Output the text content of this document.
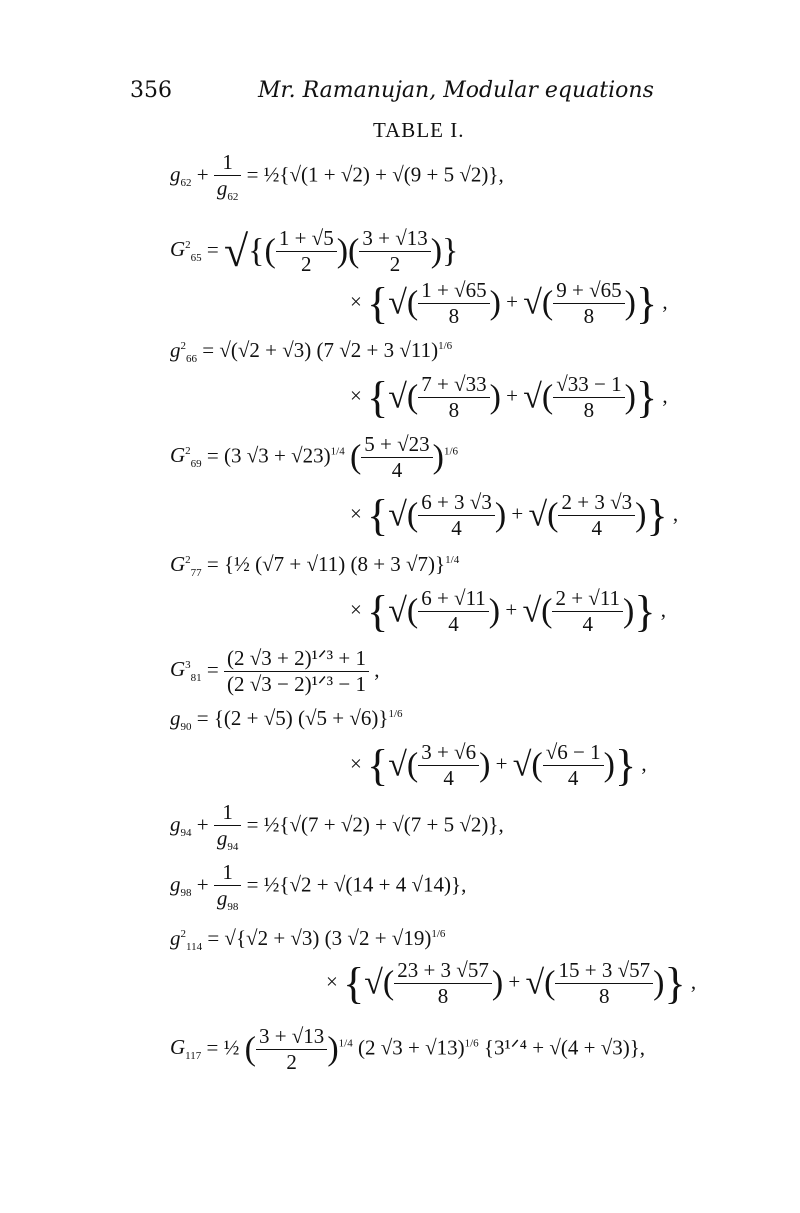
356	Mr. Ramanujan, Modular equations
TABLE I.
$g_{62} + \frac{1}{g_{62}}$ = ½{√(1 + √2) + √(9 + 5 √2)},
$G^2_{65}$ = √{( $\frac{1 + √5}{2}$ )( $\frac{3 + √13}{2}$ )}
× {√( $\frac{1 + √65}{8}$ ) + √( $\frac{9 + √65}{8}$ )} ,
$g^2_{66} = √(√2 + √3)$ (7 √2 + 3 √11)$^{1/6}$
× {√( $\frac{7 + √33}{8}$ ) + √( $\frac{√33 - 1}{8}$ )} ,
$G^2_{69} = (3$ √3 + √23)$^{1/4}$ ( $\frac{5 + √23}{4} )^{1/6}$
× {√( $\frac{6 + 3 √3}{4}$ ) + √( $\frac{2 + 3 √3}{4}$ )} ,
$G^2_{77}$ = {½ (√7 + √11) (8 + 3 √7)}$^{1/4}$
× {√( $\frac{6 + √11}{4}$ ) + √( $\frac{2 + √11}{4}$ )} ,
$G^3_{81} = \frac{\text{(2 √3 + 2)¹ᐟ³ + 1}}{\text{(2 √3 − 2)¹ᐟ³ − 1}}$ ,
$g_{90} = \{(2 + √5) (√5 + √6)\}^{1/6}$
× {√( $\frac{3 + √6}{4}$ ) + √( $\frac{√6 - 1}{4}$ )} ,
$g_{94} + \frac{1}{g_{94}}$ = ½{√(7 + √2) + √(7 + 5 √2)},
$g_{98} + \frac{1}{g_{98}}$ = ½{√2 + √(14 + 4 √14)},
$g^2_{114} = √\{√2 + √3)$ (3 √2 + √19)$^{1/6}$
× {√( $\frac{23 + 3 √57}{8}$ ) + √( $\frac{15 + 3 √57}{8}$ )} ,
$G_{117}$ = ½ ( $\frac{3 + √13}{2} )^{1/4}$ (2 √3 + √13)$^{1/6}$ {3¹ᐟ⁴ + √(4 + √3)},
